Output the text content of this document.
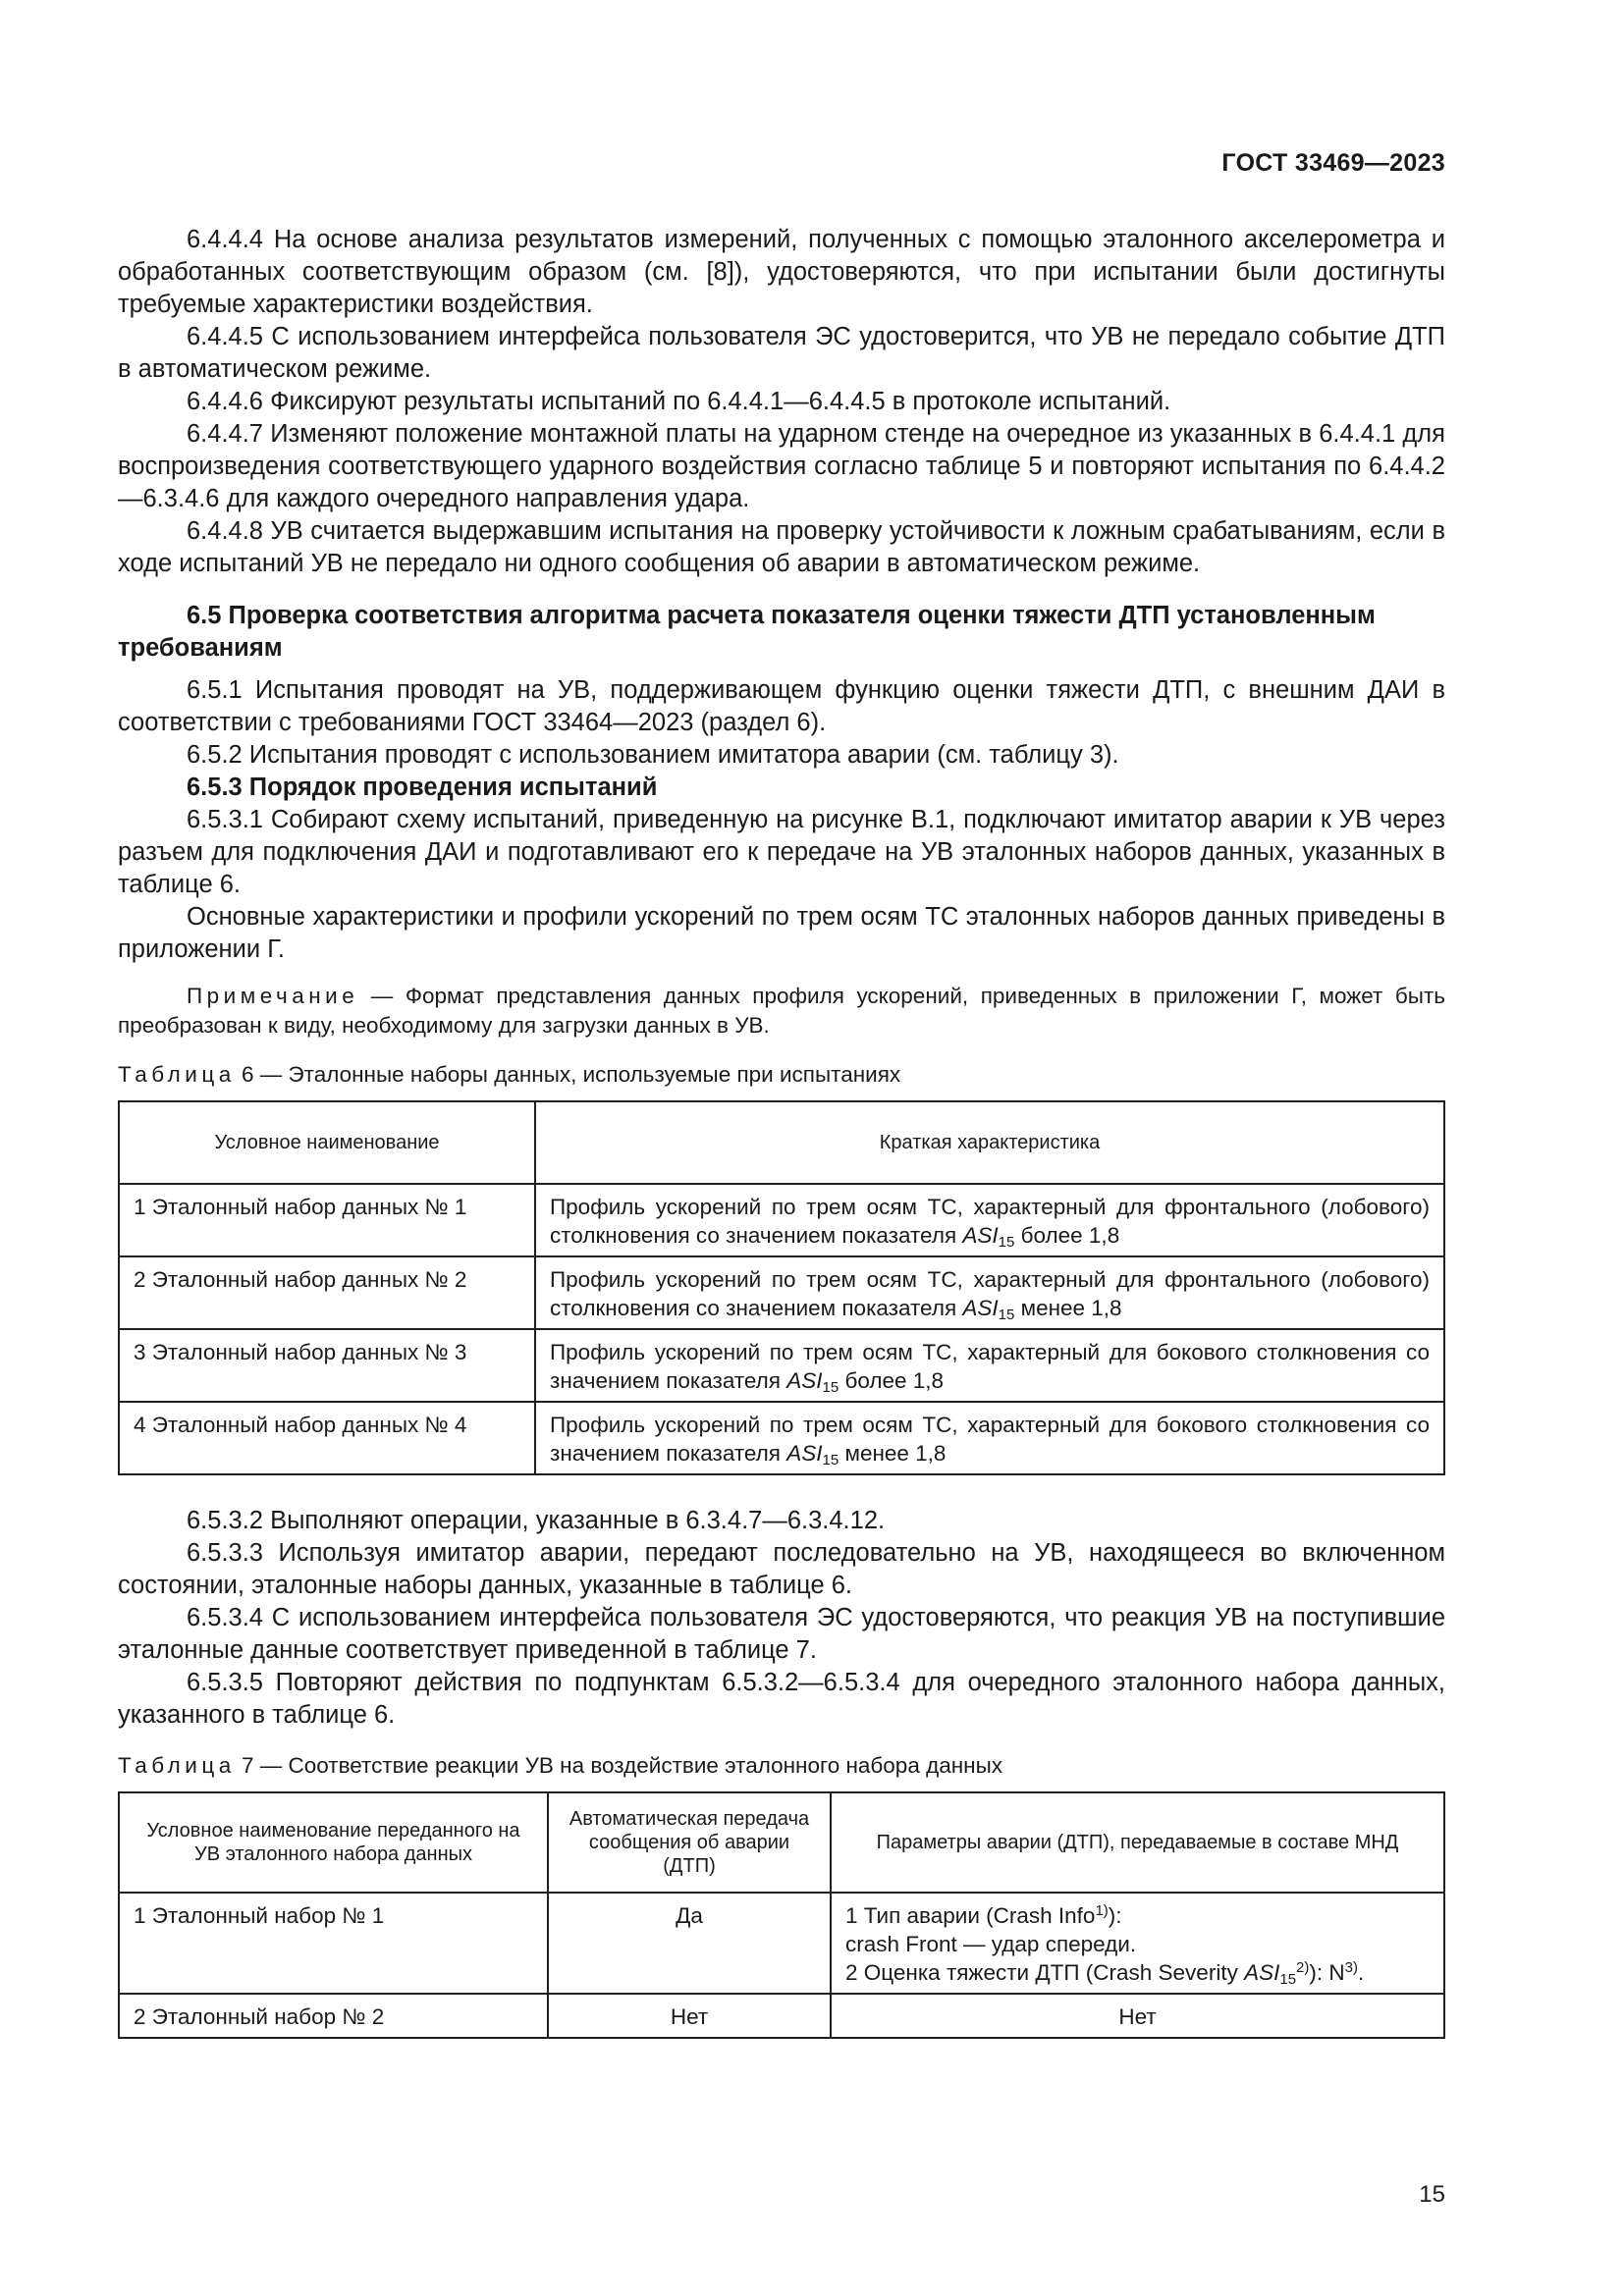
ГОСТ 33469—2023

6.4.4.4 На основе анализа результатов измерений, полученных с помощью эталонного акселерометра и обработанных соответствующим образом (см. [8]), удостоверяются, что при испытании были достигнуты требуемые характеристики воздействия.

6.4.4.5 С использованием интерфейса пользователя ЭС удостоверится, что УВ не передало событие ДТП в автоматическом режиме.

6.4.4.6 Фиксируют результаты испытаний по 6.4.4.1—6.4.4.5 в протоколе испытаний.

6.4.4.7 Изменяют положение монтажной платы на ударном стенде на очередное из указанных в 6.4.4.1 для воспроизведения соответствующего ударного воздействия согласно таблице 5 и повторяют испытания по 6.4.4.2—6.3.4.6 для каждого очередного направления удара.

6.4.4.8 УВ считается выдержавшим испытания на проверку устойчивости к ложным срабатываниям, если в ходе испытаний УВ не передало ни одного сообщения об аварии в автоматическом режиме.

6.5 Проверка соответствия алгоритма расчета показателя оценки тяжести ДТП установленным требованиям

6.5.1 Испытания проводят на УВ, поддерживающем функцию оценки тяжести ДТП, с внешним ДАИ в соответствии с требованиями ГОСТ 33464—2023 (раздел 6).

6.5.2 Испытания проводят с использованием имитатора аварии (см. таблицу 3).

6.5.3 Порядок проведения испытаний

6.5.3.1 Собирают схему испытаний, приведенную на рисунке В.1, подключают имитатор аварии к УВ через разъем для подключения ДАИ и подготавливают его к передаче на УВ эталонных наборов данных, указанных в таблице 6.

Основные характеристики и профили ускорений по трем осям ТС эталонных наборов данных приведены в приложении Г.

Примечание — Формат представления данных профиля ускорений, приведенных в приложении Г, может быть преобразован к виду, необходимому для загрузки данных в УВ.
Таблица 6 — Эталонные наборы данных, используемые при испытаниях
Условное наименование	Краткая характеристика
1 Эталонный набор данных № 1	Профиль ускорений по трем осям ТС, характерный для фронтального (лобового) столкновения со значением показателя $ASI_{15}$ более 1,8
2 Эталонный набор данных № 2	Профиль ускорений по трем осям ТС, характерный для фронтального (лобового) столкновения со значением показателя $ASI_{15}$ менее 1,8
3 Эталонный набор данных № 3	Профиль ускорений по трем осям ТС, характерный для бокового столкновения со значением показателя $ASI_{15}$ более 1,8
4 Эталонный набор данных № 4	Профиль ускорений по трем осям ТС, характерный для бокового столкновения со значением показателя $ASI_{15}$ менее 1,8

6.5.3.2 Выполняют операции, указанные в 6.3.4.7—6.3.4.12.

6.5.3.3 Используя имитатор аварии, передают последовательно на УВ, находящееся во включенном состоянии, эталонные наборы данных, указанные в таблице 6.

6.5.3.4 С использованием интерфейса пользователя ЭС удостоверяются, что реакция УВ на поступившие эталонные данные соответствует приведенной в таблице 7.

6.5.3.5 Повторяют действия по подпунктам 6.5.3.2—6.5.3.4 для очередного эталонного набора данных, указанного в таблице 6.

Таблица 7 — Соответствие реакции УВ на воздействие эталонного набора данных
Условное наименование переданного на УВ эталонного набора данных	Автоматическая передача сообщения об аварии (ДТП)	Параметры аварии (ДТП), передаваемые в составе МНД
1 Эталонный набор № 1	Да	1 Тип аварии (Crash Info$^{1)}$):
crash Front — удар спереди.
2 Оценка тяжести ДТП (Crash Severity $ASI_{15}^{2)}$): $N^{3)}$.

2 Эталонный набор № 2	Нет	Нет
15
